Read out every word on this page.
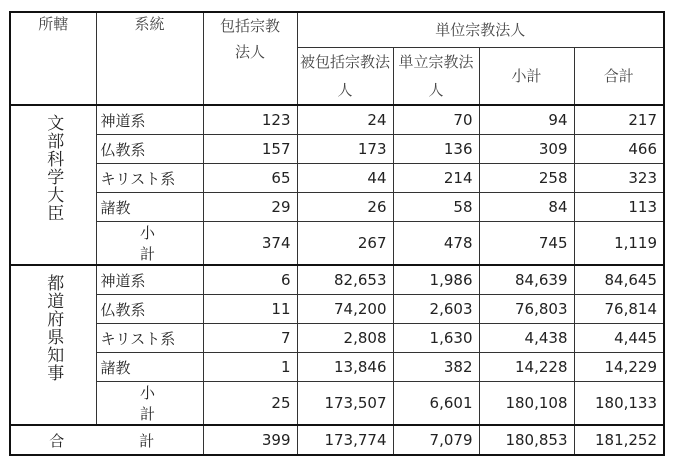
所轄	系統	包括宗教法人	単位宗教法人			
			被包括宗教法人	単立宗教法人	小計	合計
文部科学大臣	神道系	123	24	70	94	217
	仏教系	157	173	136	309	466
	キリスト系	65	44	214	258	323
	諸教	29	26	58	84	113
	小　計	374	267	478	745	1,119
都道府県知事	神道系	6	82,653	1,986	84,639	84,645
	仏教系	11	74,200	2,603	76,803	76,814
	キリスト系	7	2,808	1,630	4,438	4,445
	諸教	1	13,846	382	14,228	14,229
	小　計	25	173,507	6,601	180,108	180,133
合　計		399	173,774	7,079	180,853	181,252
